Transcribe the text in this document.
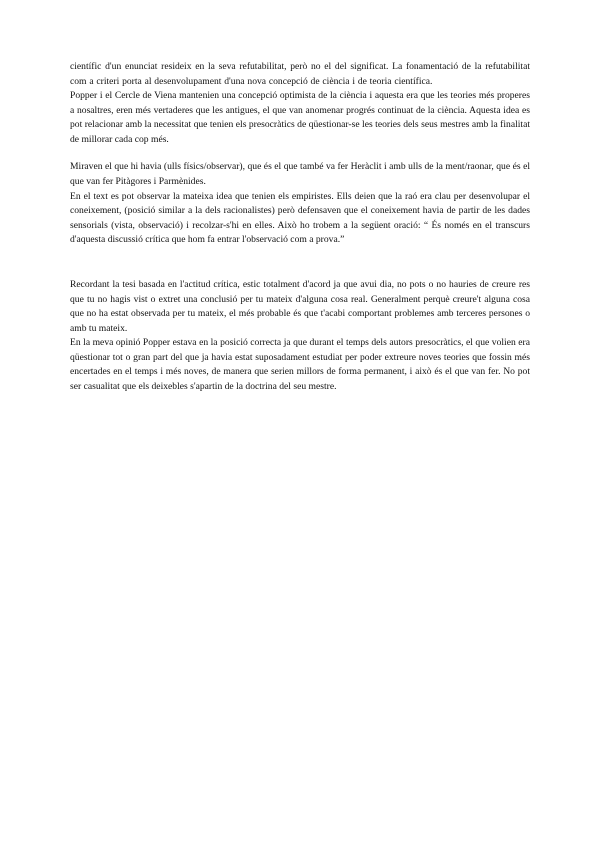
científic d'un enunciat resideix en la seva refutabilitat, però no el del significat. La fonamentació de la refutabilitat com a criteri porta al desenvolupament d'una nova concepció de ciència i de teoria científica.

Popper i el Cercle de Viena mantenien una concepció optimista de la ciència i aquesta era que les teories més properes a nosaltres, eren més vertaderes que les antigues, el que van anomenar progrés continuat de la ciència. Aquesta idea es pot relacionar amb la necessitat que tenien els presocràtics de qüestionar-se les teories dels seus mestres amb la finalitat de millorar cada cop més.

Miraven el que hi havia (ulls físics/observar), que és el que també va fer Heràclit i amb ulls de la ment/raonar, que és el que van fer Pitàgores i Parmènides.

En el text es pot observar la mateixa idea que tenien els empiristes. Ells deien que la raó era clau per desenvolupar el coneixement, (posició similar a la dels racionalistes) però defensaven que el coneixement havia de partir de les dades sensorials (vista, observació) i recolzar-s'hi en elles. Això ho trobem a la següent oració: “ És només en el transcurs d'aquesta discussió crítica que hom fa entrar l'observació com a prova.”

Recordant la tesi basada en l'actitud crítica, estic totalment d'acord ja que avui dia, no pots o no hauries de creure res que tu no hagis vist o extret una conclusió per tu mateix d'alguna cosa real. Generalment perquè creure't alguna cosa que no ha estat observada per tu mateix, el més probable és que t'acabi comportant problemes amb terceres persones o amb tu mateix.

En la meva opinió Popper estava en la posició correcta ja que durant el temps dels autors presocràtics, el que volien era qüestionar tot o gran part del que ja havia estat suposadament estudiat per poder extreure noves teories que fossin més encertades en el temps i més noves, de manera que serien millors de forma permanent, i això és el que van fer. No pot ser casualitat que els deixebles s'apartin de la doctrina del seu mestre.
